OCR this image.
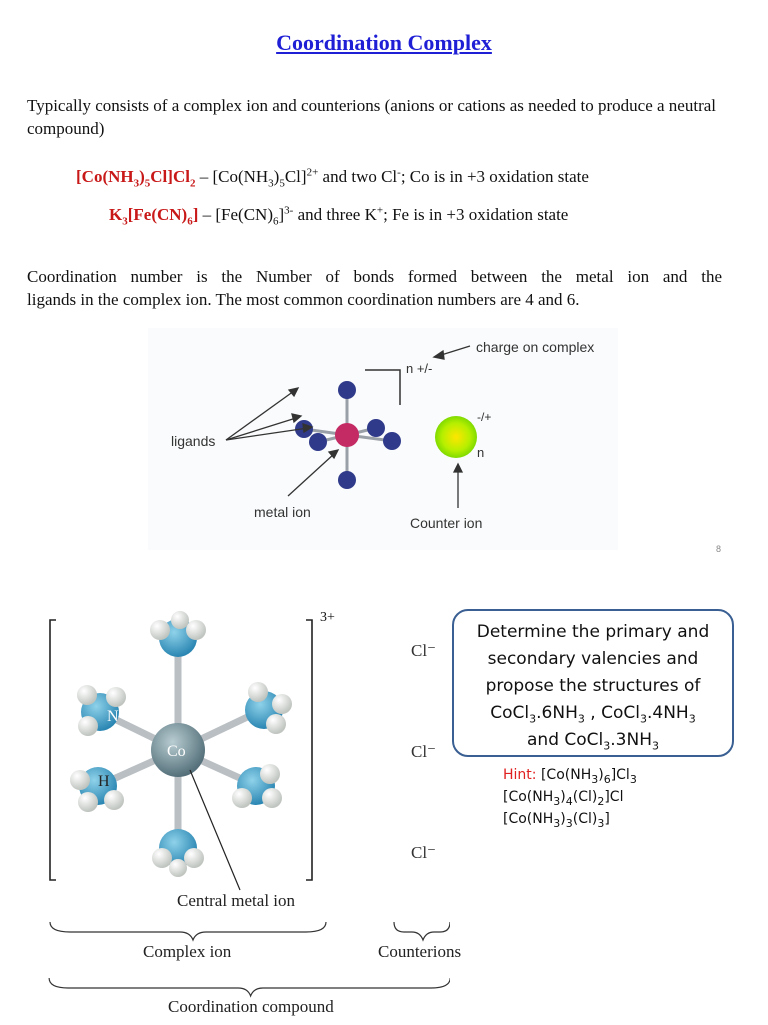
Coordination Complex
Typically consists of a complex ion and counterions (anions or cations as needed to produce a neutral compound)
$[Co(NH_3)_5Cl]Cl_2 - [Co(NH_3)_5Cl]^{2+}$ and two Cl-; Co is in +3 oxidation state
$K_3[Fe(CN)_6] - [Fe(CN)_6]^{3-}$ and three K+; Fe is in +3 oxidation state
Coordination number is the Number of bonds formed between the metal ion and the
ligands in the complex ion. The most common coordination numbers are 4 and 6.
charge on complex
n +/-
ligands
metal ion
-/+
n
Counter ion
8
3+
N
Co
H
Central metal ion
Complex ion	Counterions
Coordination compound
Cl⁻
Cl⁻
Cl⁻
Determine the primary and
secondary valencies and
propose the structures of
$CoCl_3.6NH_3$ , $CoCl_3.4NH_3$
and $CoCl_3.3NH_3$
Hint: $[Co(NH_3)_6]Cl_3$
$[Co(NH_3)_4(Cl)_2]Cl$
$[Co(NH_3)_3(Cl)_3]$
